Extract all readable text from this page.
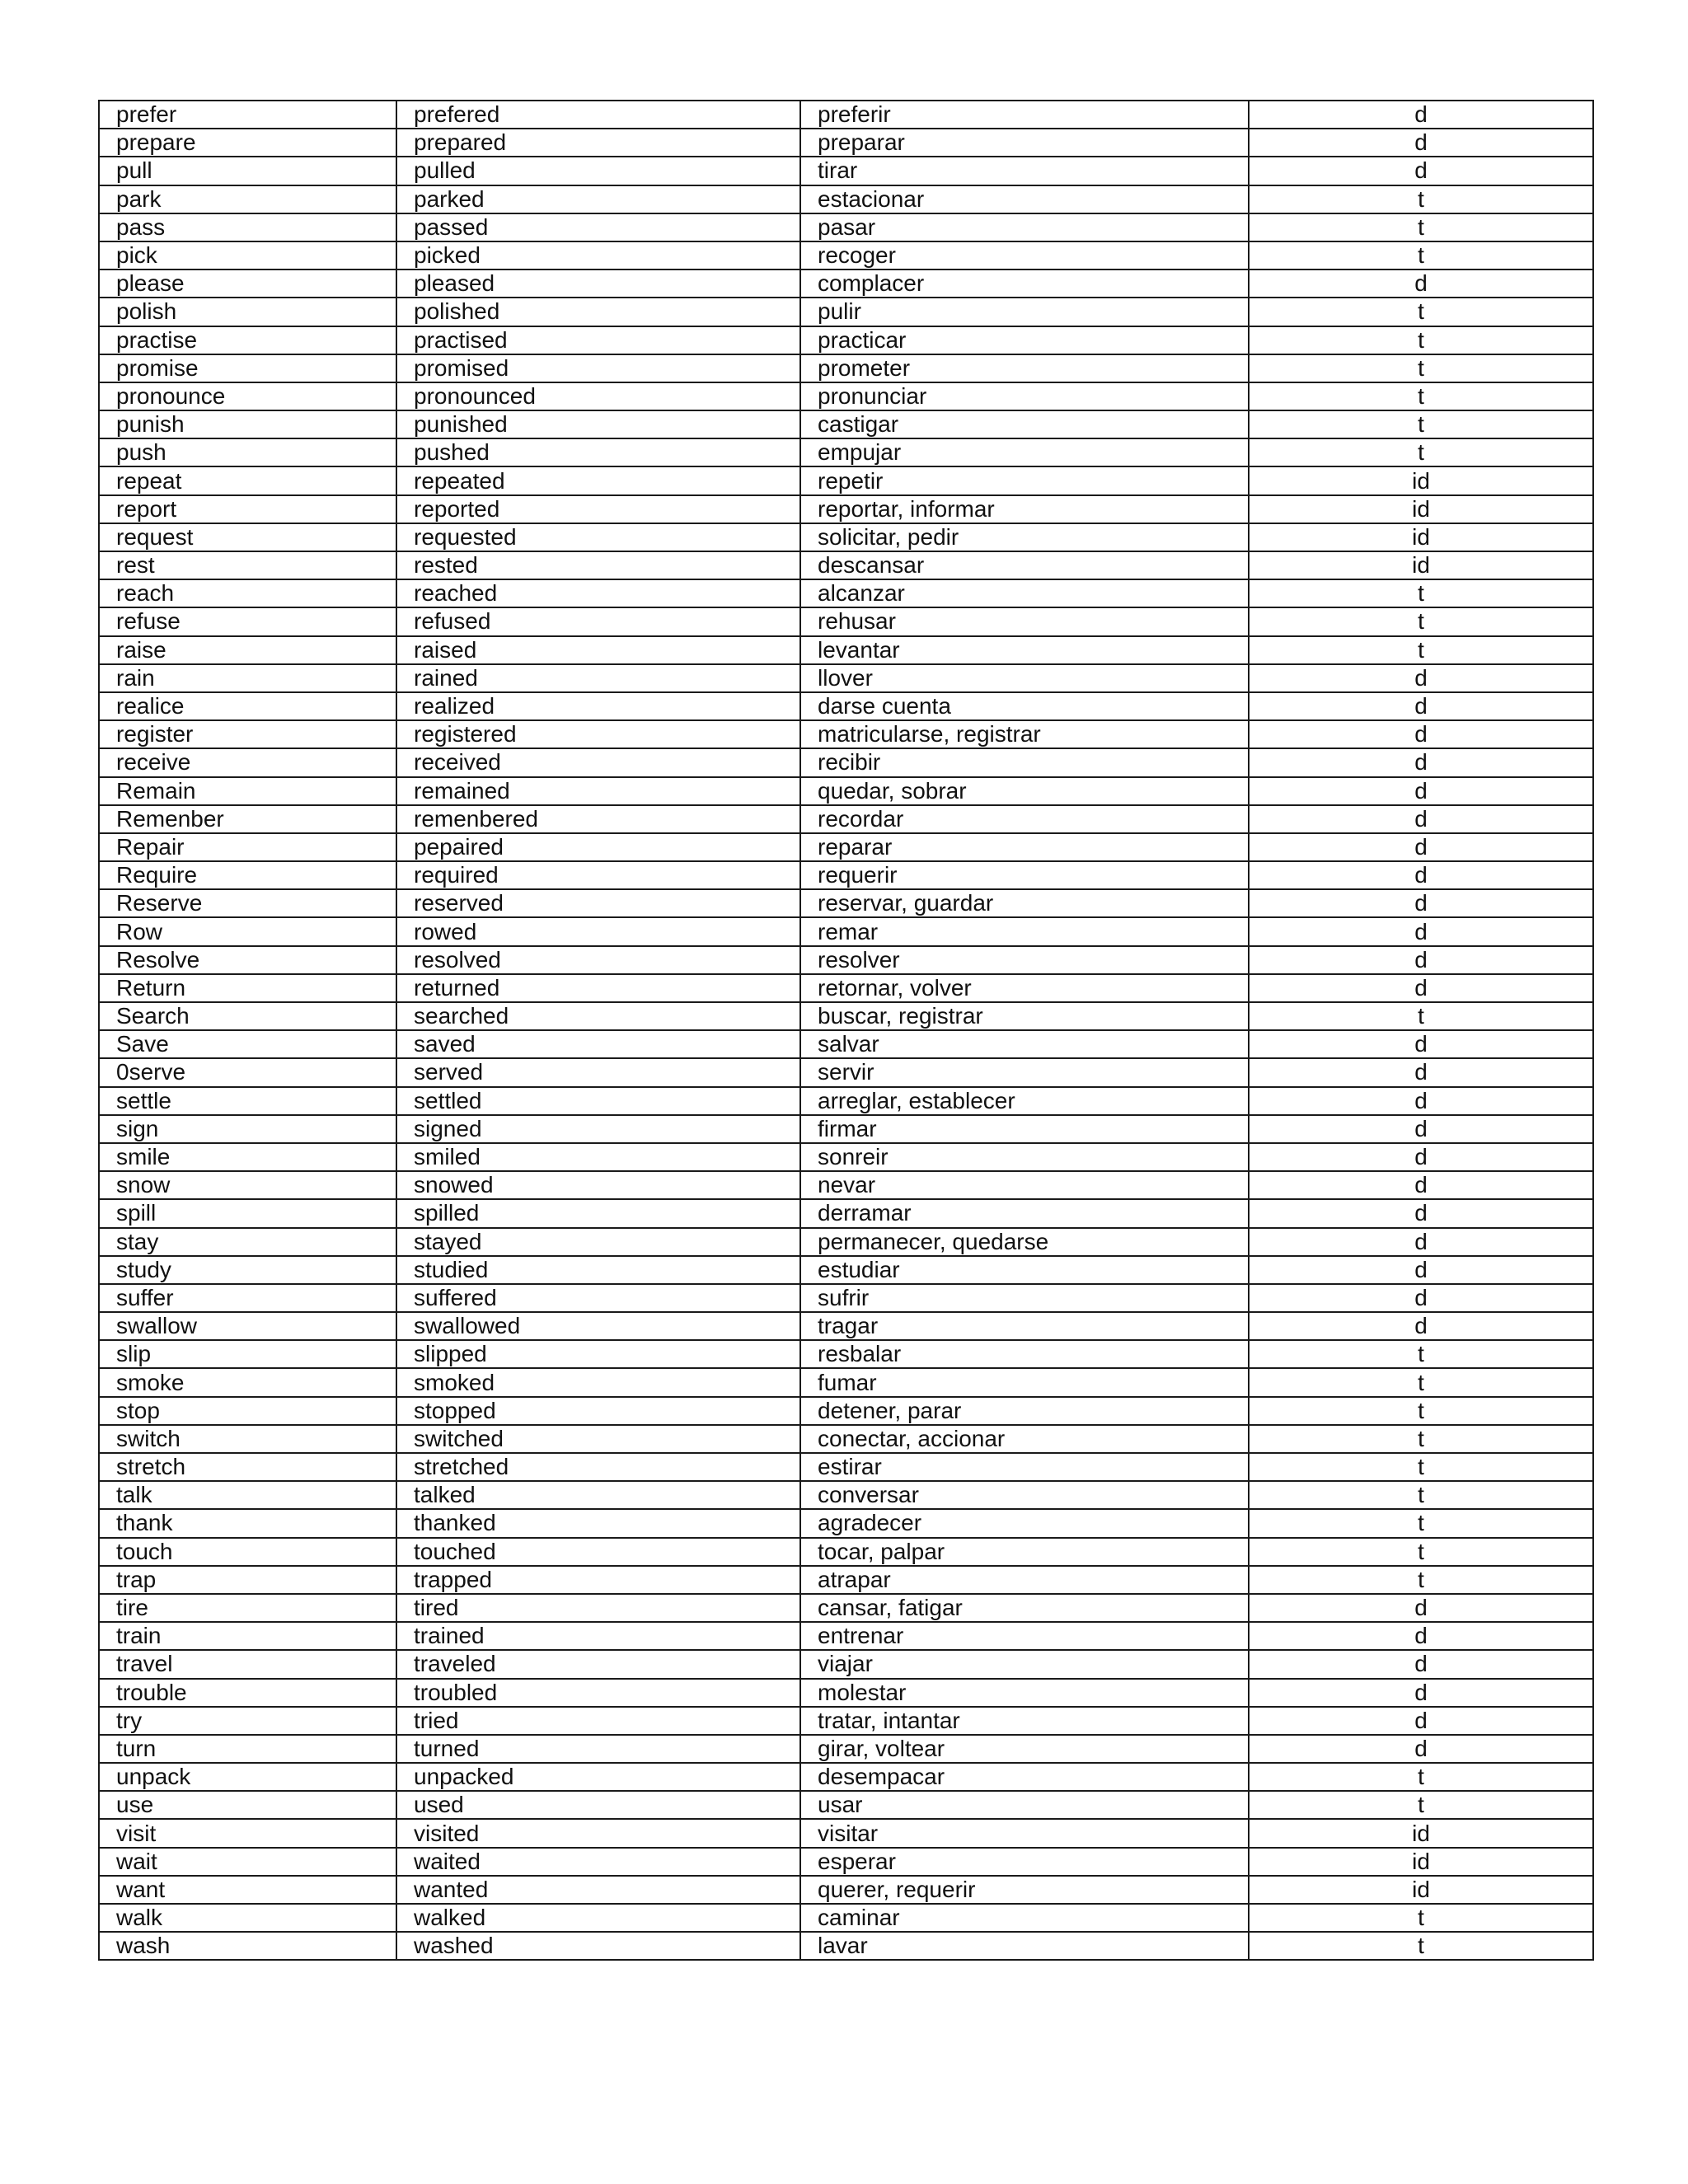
prefer	prefered	preferir	d
prepare	prepared	preparar	d
pull	pulled	tirar	d
park	parked	estacionar	t
pass	passed	pasar	t
pick	picked	recoger	t
please	pleased	complacer	d
polish	polished	pulir	t
practise	practised	practicar	t
promise	promised	prometer	t
pronounce	pronounced	pronunciar	t
punish	punished	castigar	t
push	pushed	empujar	t
repeat	repeated	repetir	id
report	reported	reportar, informar	id
request	requested	solicitar, pedir	id
rest	rested	descansar	id
reach	reached	alcanzar	t
refuse	refused	rehusar	t
raise	raised	levantar	t
rain	rained	llover	d
realice	realized	darse cuenta	d
register	registered	matricularse, registrar	d
receive	received	recibir	d
Remain	remained	quedar, sobrar	d
Remenber	remenbered	recordar	d
Repair	pepaired	reparar	d
Require	required	requerir	d
Reserve	reserved	reservar, guardar	d
Row	rowed	remar	d
Resolve	resolved	resolver	d
Return	returned	retornar, volver	d
Search	searched	buscar, registrar	t
Save	saved	salvar	d
0serve	served	servir	d
settle	settled	arreglar, establecer	d
sign	signed	firmar	d
smile	smiled	sonreir	d
snow	snowed	nevar	d
spill	spilled	derramar	d
stay	stayed	permanecer, quedarse	d
study	studied	estudiar	d
suffer	suffered	sufrir	d
swallow	swallowed	tragar	d
slip	slipped	resbalar	t
smoke	smoked	fumar	t
stop	stopped	detener, parar	t
switch	switched	conectar, accionar	t
stretch	stretched	estirar	t
talk	talked	conversar	t
thank	thanked	agradecer	t
touch	touched	tocar, palpar	t
trap	trapped	atrapar	t
tire	tired	cansar, fatigar	d
train	trained	entrenar	d
travel	traveled	viajar	d
trouble	troubled	molestar	d
try	tried	tratar, intantar	d
turn	turned	girar, voltear	d
unpack	unpacked	desempacar	t
use	used	usar	t
visit	visited	visitar	id
wait	waited	esperar	id
want	wanted	querer, requerir	id
walk	walked	caminar	t
wash	washed	lavar	t
